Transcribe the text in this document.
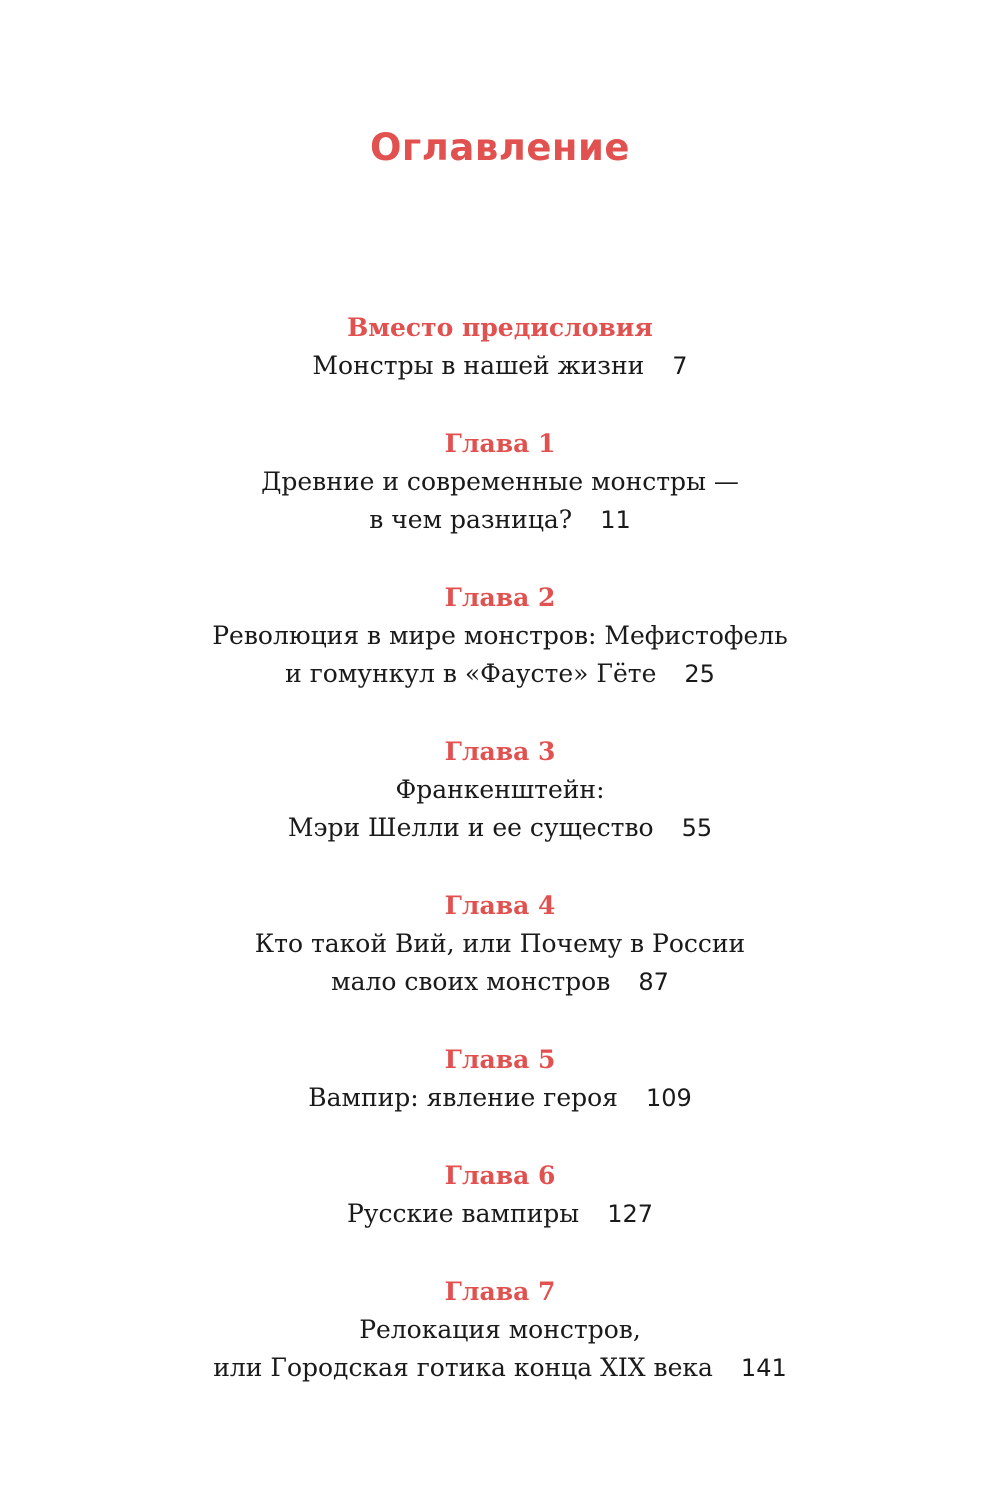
Оглавление
Вместо предисловия
Монстры в нашей жизни 7
Глава 1
Древние и современные монстры —
в чем разница? 11
Глава 2
Революция в мире монстров: Мефистофель
и гомункул в «Фаусте» Гёте 25
Глава 3
Франкенштейн:
Мэри Шелли и ее существо 55
Глава 4
Кто такой Вий, или Почему в России
мало своих монстров 87
Глава 5
Вампир: явление героя 109
Глава 6
Русские вампиры 127
Глава 7
Релокация монстров,
или Городская готика конца XIX века 141
